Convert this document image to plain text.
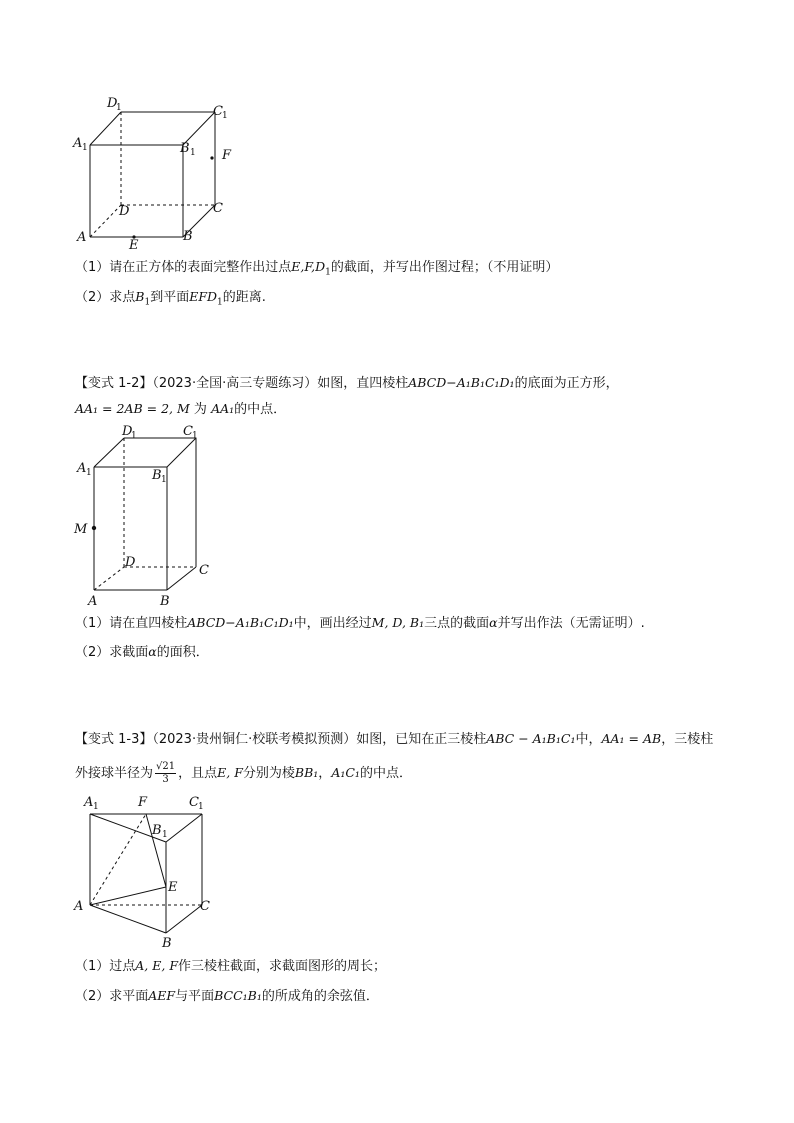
D
1	C 1
A 1	B 1 F
D	C
A
E
B
（1）请在正方体的表面完整作出过点$E,F,D_1$的截面，并写出作图过程；（不用证明）
（2）求点$B_1$到平面$EFD_1$的距离.
【变式 1-2】（2023·全国·高三专题练习）如图，直四棱柱ABCD−A₁B₁C₁D₁的底面为正方形，
AA₁ = 2AB = 2, M 为 AA₁的中点．
D
1	C 1
A 1	B 1
M
D
C
A	B
（1）请在直四棱柱ABCD−A₁B₁C₁D₁中，画出经过M, D, B₁三点的截面α并写出作法（无需证明）.
（2）求截面α的面积．
【变式 1-3】（2023·贵州铜仁·校联考模拟预测）如图，已知在正三棱柱ABC − A₁B₁C₁中，AA₁ = AB，三棱柱
外接球半径为 $\frac{√21}{3}$ ，且点E, F分别为棱BB₁，A₁C₁的中点．
A 1	F	C 1
B 1
E
A	C
B
（1）过点A, E, F作三棱柱截面，求截面图形的周长；
（2）求平面AEF与平面BCC₁B₁的所成角的余弦值．
